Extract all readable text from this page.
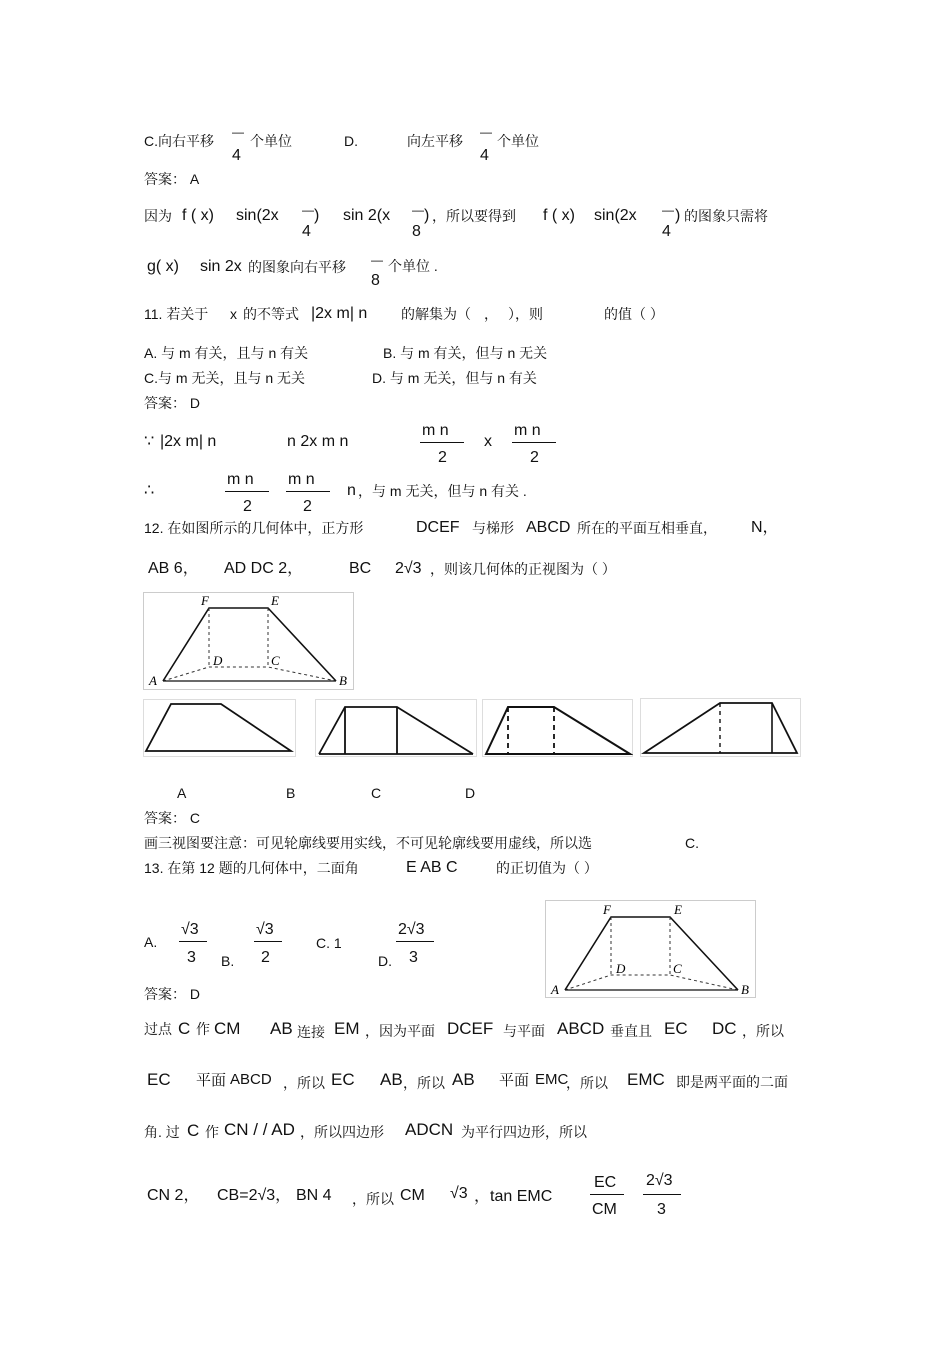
C.向右平移
—
4
个单位	D.	向左平移
—
4
个单位
答案： A
因为 f ( x) sin(2x — )
4
sin 2(x — )
8
，所以要得到 f ( x) sin(2x — )
4
的图象只需将
g( x) sin 2x 的图象向右平移 —
8
个单位 .
11. 若关于 x 的不等式 |2x m| n 的解集为（ ， ），则	的值（ ）
A. 与 m 有关，且与 n 有关	B. 与 m 有关，但与 n 无关
C.与 m 无关，且与 n 无关	D. 与 m 无关，但与 n 有关
答案： D
∵ |2x m| n	n 2x m n
m n
2
x
m n
2
∴
m n
2
m n
2
n ，与 m 无关，但与 n 有关 .
12. 在如图所示的几何体中，正方形	DCEF 与梯形 ABCD 所在的平面互相垂直， N，
AB 6， AD DC 2，	BC 2√3 ，则该几何体的正视图为（ ）
F	E
D	C
A	B
A	B	C	D
答案： C
画三视图要注意：可见轮廓线要用实线，不可见轮廓线要用虚线，所以选	C.
13. 在第 12 题的几何体中，二面角	E AB C	的正切值为（ ）
A.
√3
3 B.
√3
2
C. 1
D.
2√3
3
F	E
D	C
A	B
答案： D
过点 C 作 CM AB 连接 EM ，因为平面 DCEF 与平面 ABCD 垂直且 EC DC ，所以
EC 平面 ABCD ，所以 EC AB ，所以 AB 平面 EMC
，所以 EMC 即是两平面的二面
角. 过 C 作 CN / / AD ，所以四边形 ADCN 为平行四边形，所以
CN 2， CB=2√3， BN 4 ，所以 CM √3 ，tan EMC
EC
CM
2√3
3
